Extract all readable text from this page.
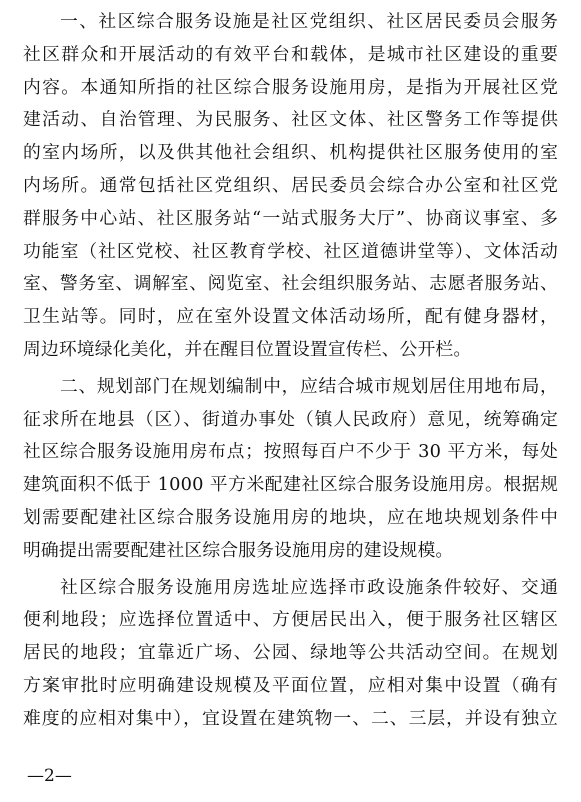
一、社区综合服务设施是社区党组织、社区居民委员会服务
社区群众和开展活动的有效平台和载体，是城市社区建设的重要
内容。本通知所指的社区综合服务设施用房，是指为开展社区党
建活动、自治管理、为民服务、社区文体、社区警务工作等提供
的室内场所，以及供其他社会组织、机构提供社区服务使用的室
内场所。通常包括社区党组织、居民委员会综合办公室和社区党
群服务中心站、社区服务站“一站式服务大厅”、协商议事室、多
功能室（社区党校、社区教育学校、社区道德讲堂等）、文体活动
室、警务室、调解室、阅览室、社会组织服务站、志愿者服务站、
卫生站等。同时，应在室外设置文体活动场所，配有健身器材，
周边环境绿化美化，并在醒目位置设置宣传栏、公开栏。
二、规划部门在规划编制中，应结合城市规划居住用地布局，
征求所在地县（区）、街道办事处（镇人民政府）意见，统筹确定
社区综合服务设施用房布点；按照每百户不少于 30 平方米，每处
建筑面积不低于 1000 平方米配建社区综合服务设施用房。根据规
划需要配建社区综合服务设施用房的地块，应在地块规划条件中
明确提出需要配建社区综合服务设施用房的建设规模。
社区综合服务设施用房选址应选择市政设施条件较好、交通
便利地段；应选择位置适中、方便居民出入，便于服务社区辖区
居民的地段；宜靠近广场、公园、绿地等公共活动空间。在规划
方案审批时应明确建设规模及平面位置，应相对集中设置（确有
难度的应相对集中），宜设置在建筑物一、二、三层，并设有独立
—2—
